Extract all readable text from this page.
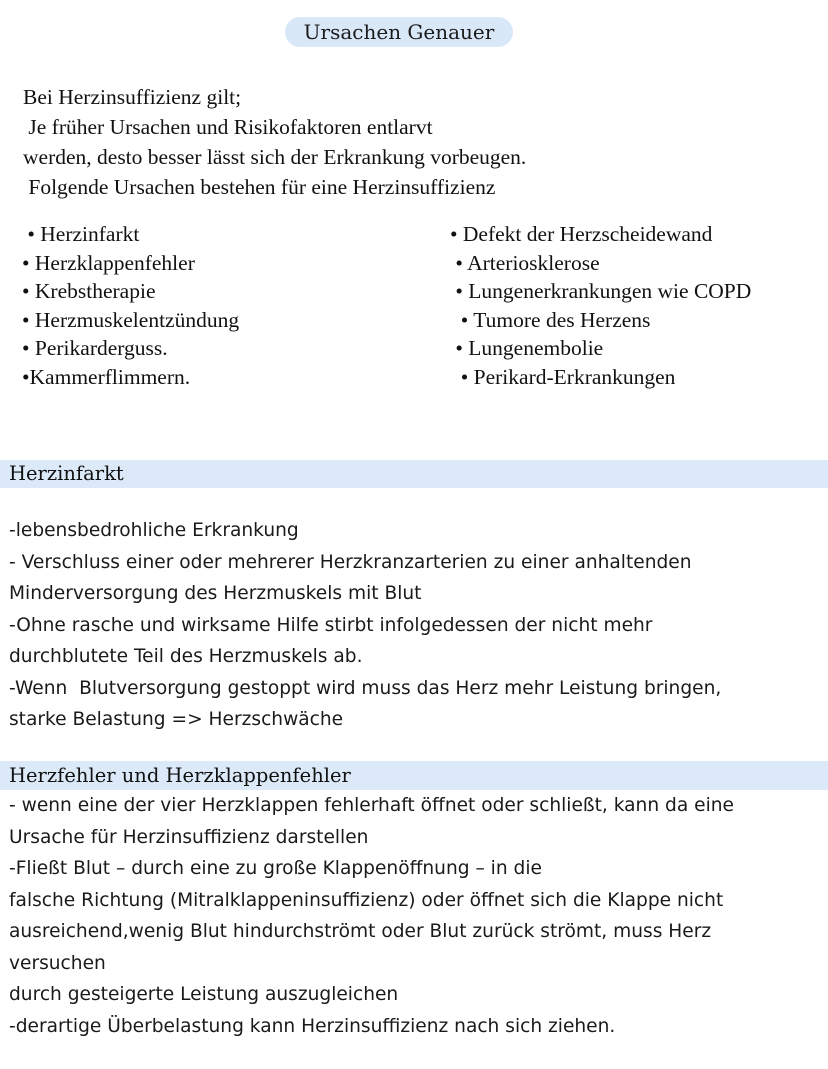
Ursachen Genauer
Bei Herzinsuffizienz gilt;
Je früher Ursachen und Risikofaktoren entlarvt
werden, desto besser lässt sich der Erkrankung vorbeugen.
Folgende Ursachen bestehen für eine Herzinsuffizienz
• Herzinfarkt
• Herzklappenfehler
• Krebstherapie
• Herzmuskelentzündung
• Perikarderguss.
•Kammerflimmern.
• Defekt der Herzscheidewand
• Arteriosklerose
• Lungenerkrankungen wie COPD
• Tumore des Herzens
• Lungenembolie
• Perikard-Erkrankungen
Herzinfarkt
-lebensbedrohliche Erkrankung
- Verschluss einer oder mehrerer Herzkranzarterien zu einer anhaltenden
Minderversorgung des Herzmuskels mit Blut
-Ohne rasche und wirksame Hilfe stirbt infolgedessen der nicht mehr
durchblutete Teil des Herzmuskels ab.
-Wenn  Blutversorgung gestoppt wird muss das Herz mehr Leistung bringen,
starke Belastung => Herzschwäche
Herzfehler und Herzklappenfehler
- wenn eine der vier Herzklappen fehlerhaft öffnet oder schließt, kann da eine
Ursache für Herzinsuffizienz darstellen
-Fließt Blut – durch eine zu große Klappenöffnung – in die
falsche Richtung (Mitralklappeninsuffizienz) oder öffnet sich die Klappe nicht
ausreichend,wenig Blut hindurchströmt oder Blut zurück strömt, muss Herz
versuchen
durch gesteigerte Leistung auszugleichen
-derartige Überbelastung kann Herzinsuffizienz nach sich ziehen.
